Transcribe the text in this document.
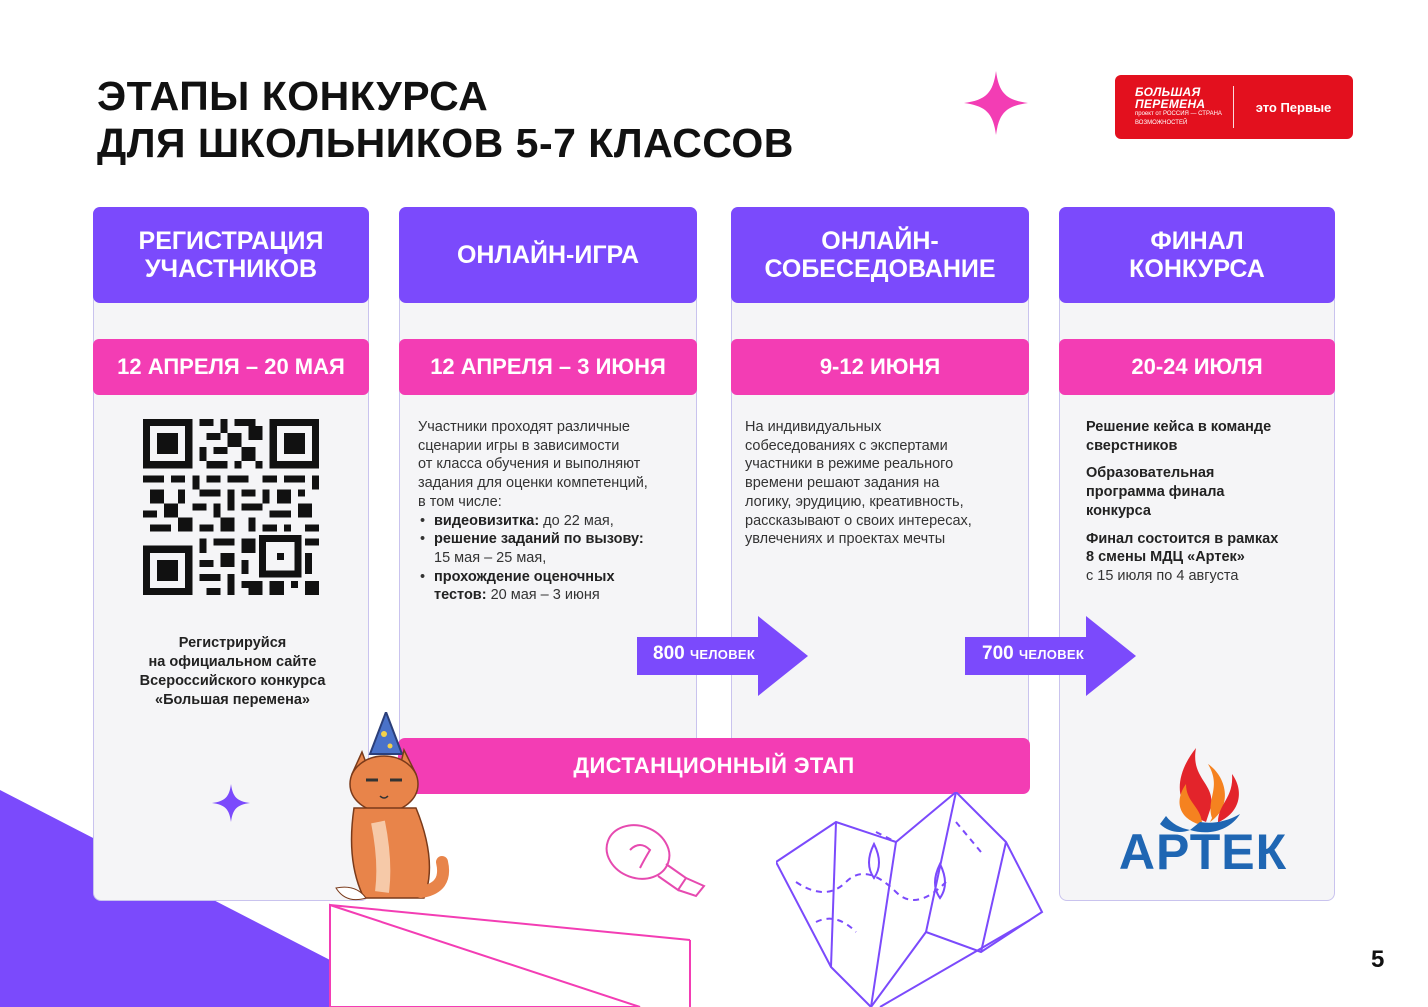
ЭТАПЫ КОНКУРСА
ДЛЯ ШКОЛЬНИКОВ 5-7 КЛАССОВ
БОЛЬШАЯ
ПЕРЕМЕНА
проект от РОССИЯ — СТРАНА ВОЗМОЖНОСТЕЙ
это Первые
РЕГИСТРАЦИЯ
УЧАСТНИКОВ
12 АПРЕЛЯ – 20 МАЯ
Регистрируйся
на официальном сайте
Всероссийского конкурса
«Большая перемена»
ОНЛАЙН-ИГРА
12 АПРЕЛЯ – 3 ИЮНЯ
Участники проходят различные
сценарии игры в зависимости
от класса обучения и выполняют
задания для оценки компетенций,
в том числе:
• видеовизитка: до 22 мая,
• решение заданий по вызову:
15 мая – 25 мая,
• прохождение оценочных
тестов: 20 мая – 3 июня
ОНЛАЙН-
СОБЕСЕДОВАНИЕ
9-12 ИЮНЯ
На индивидуальных
собеседованиях с экспертами
участники в режиме реального
времени решают задания на
логику, эрудицию, креативность,
рассказывают о своих интересах,
увлечениях и проектах мечты
ФИНАЛ
КОНКУРСА
20-24 ИЮЛЯ
Решение кейса в команде
сверстников
Образовательная
программа финала
конкурса
Финал состоится в рамках
8 смены МДЦ «Артек»
с 15 июля по 4 августа
800 ЧЕЛОВЕК	700 ЧЕЛОВЕК
ДИСТАНЦИОННЫЙ ЭТАП
АРТЕК
5
